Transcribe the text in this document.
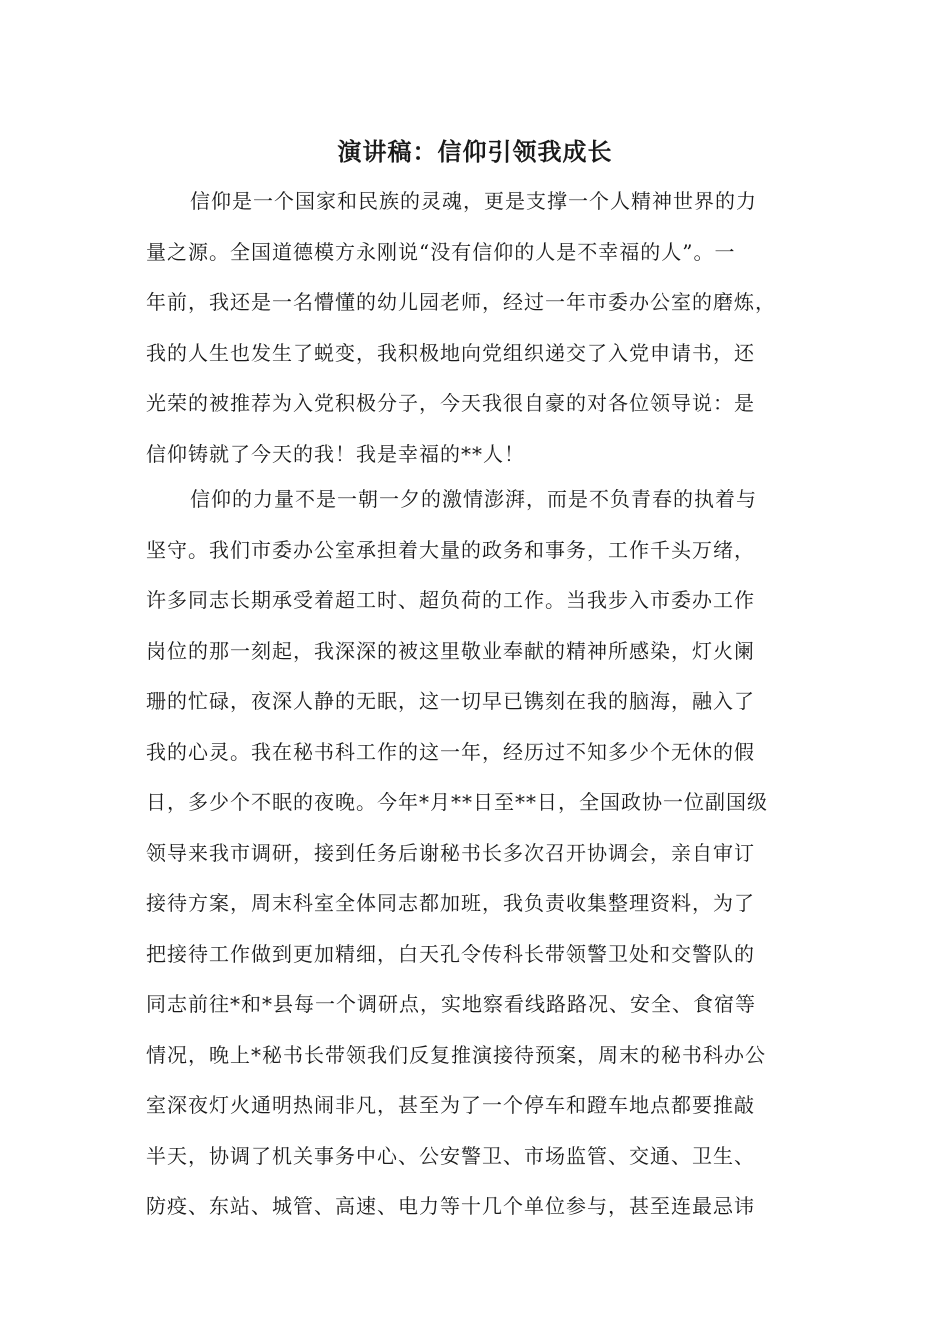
演讲稿：信仰引领我成长
信仰是一个国家和民族的灵魂，更是支撑一个人精神世界的力
量之源。全国道德模方永刚说“没有信仰的人是不幸福的人”。一
年前，我还是一名懵懂的幼儿园老师，经过一年市委办公室的磨炼，
我的人生也发生了蜕变，我积极地向党组织递交了入党申请书，还
光荣的被推荐为入党积极分子，今天我很自豪的对各位领导说：是
信仰铸就了今天的我！我是幸福的**人！
信仰的力量不是一朝一夕的激情澎湃，而是不负青春的执着与
坚守。我们市委办公室承担着大量的政务和事务，工作千头万绪，
许多同志长期承受着超工时、超负荷的工作。当我步入市委办工作
岗位的那一刻起，我深深的被这里敬业奉献的精神所感染，灯火阑
珊的忙碌，夜深人静的无眠，这一切早已镌刻在我的脑海，融入了
我的心灵。我在秘书科工作的这一年，经历过不知多少个无休的假
日，多少个不眠的夜晚。今年*月**日至**日，全国政协一位副国级
领导来我市调研，接到任务后谢秘书长多次召开协调会，亲自审订
接待方案，周末科室全体同志都加班，我负责收集整理资料，为了
把接待工作做到更加精细，白天孔令传科长带领警卫处和交警队的
同志前往*和*县每一个调研点，实地察看线路路况、安全、食宿等
情况，晚上*秘书长带领我们反复推演接待预案，周末的秘书科办公
室深夜灯火通明热闹非凡，甚至为了一个停车和蹬车地点都要推敲
半天，协调了机关事务中心、公安警卫、市场监管、交通、卫生、
防疫、东站、城管、高速、电力等十几个单位参与，甚至连最忌讳
